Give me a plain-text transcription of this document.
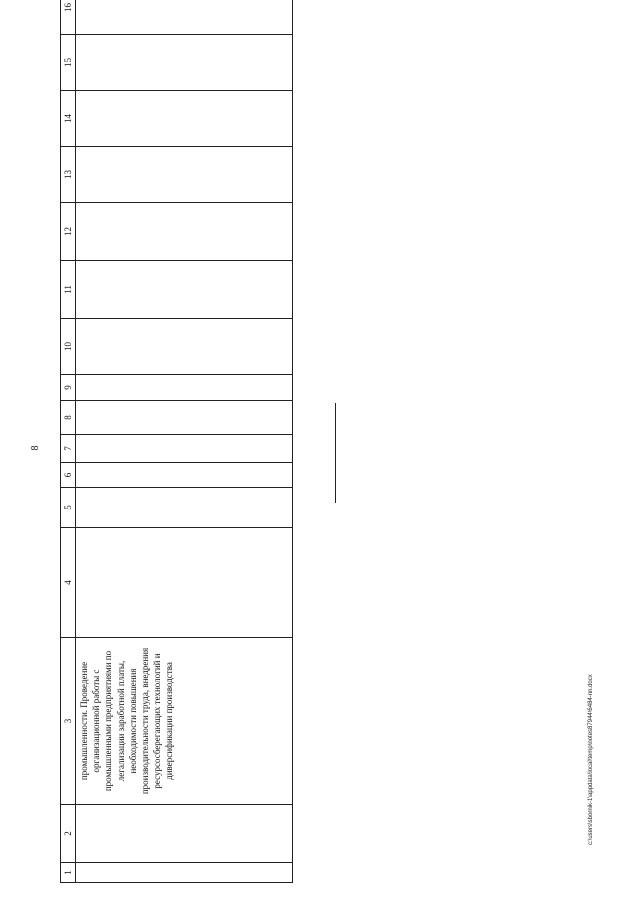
8
1	2	3	4	5	6	7	8	9	10	11	12	13	14	15	16

		промышленности. Проведение организационной работы с промышленными предприятиями по легализации заработной платы, необходимости повышения производительности труда, внедрения ресурсосберегающих технологий и диверсификации производства													

		c:\users\sbornik-1\appdata\local\temp\notes87944\6484-nn.docx
